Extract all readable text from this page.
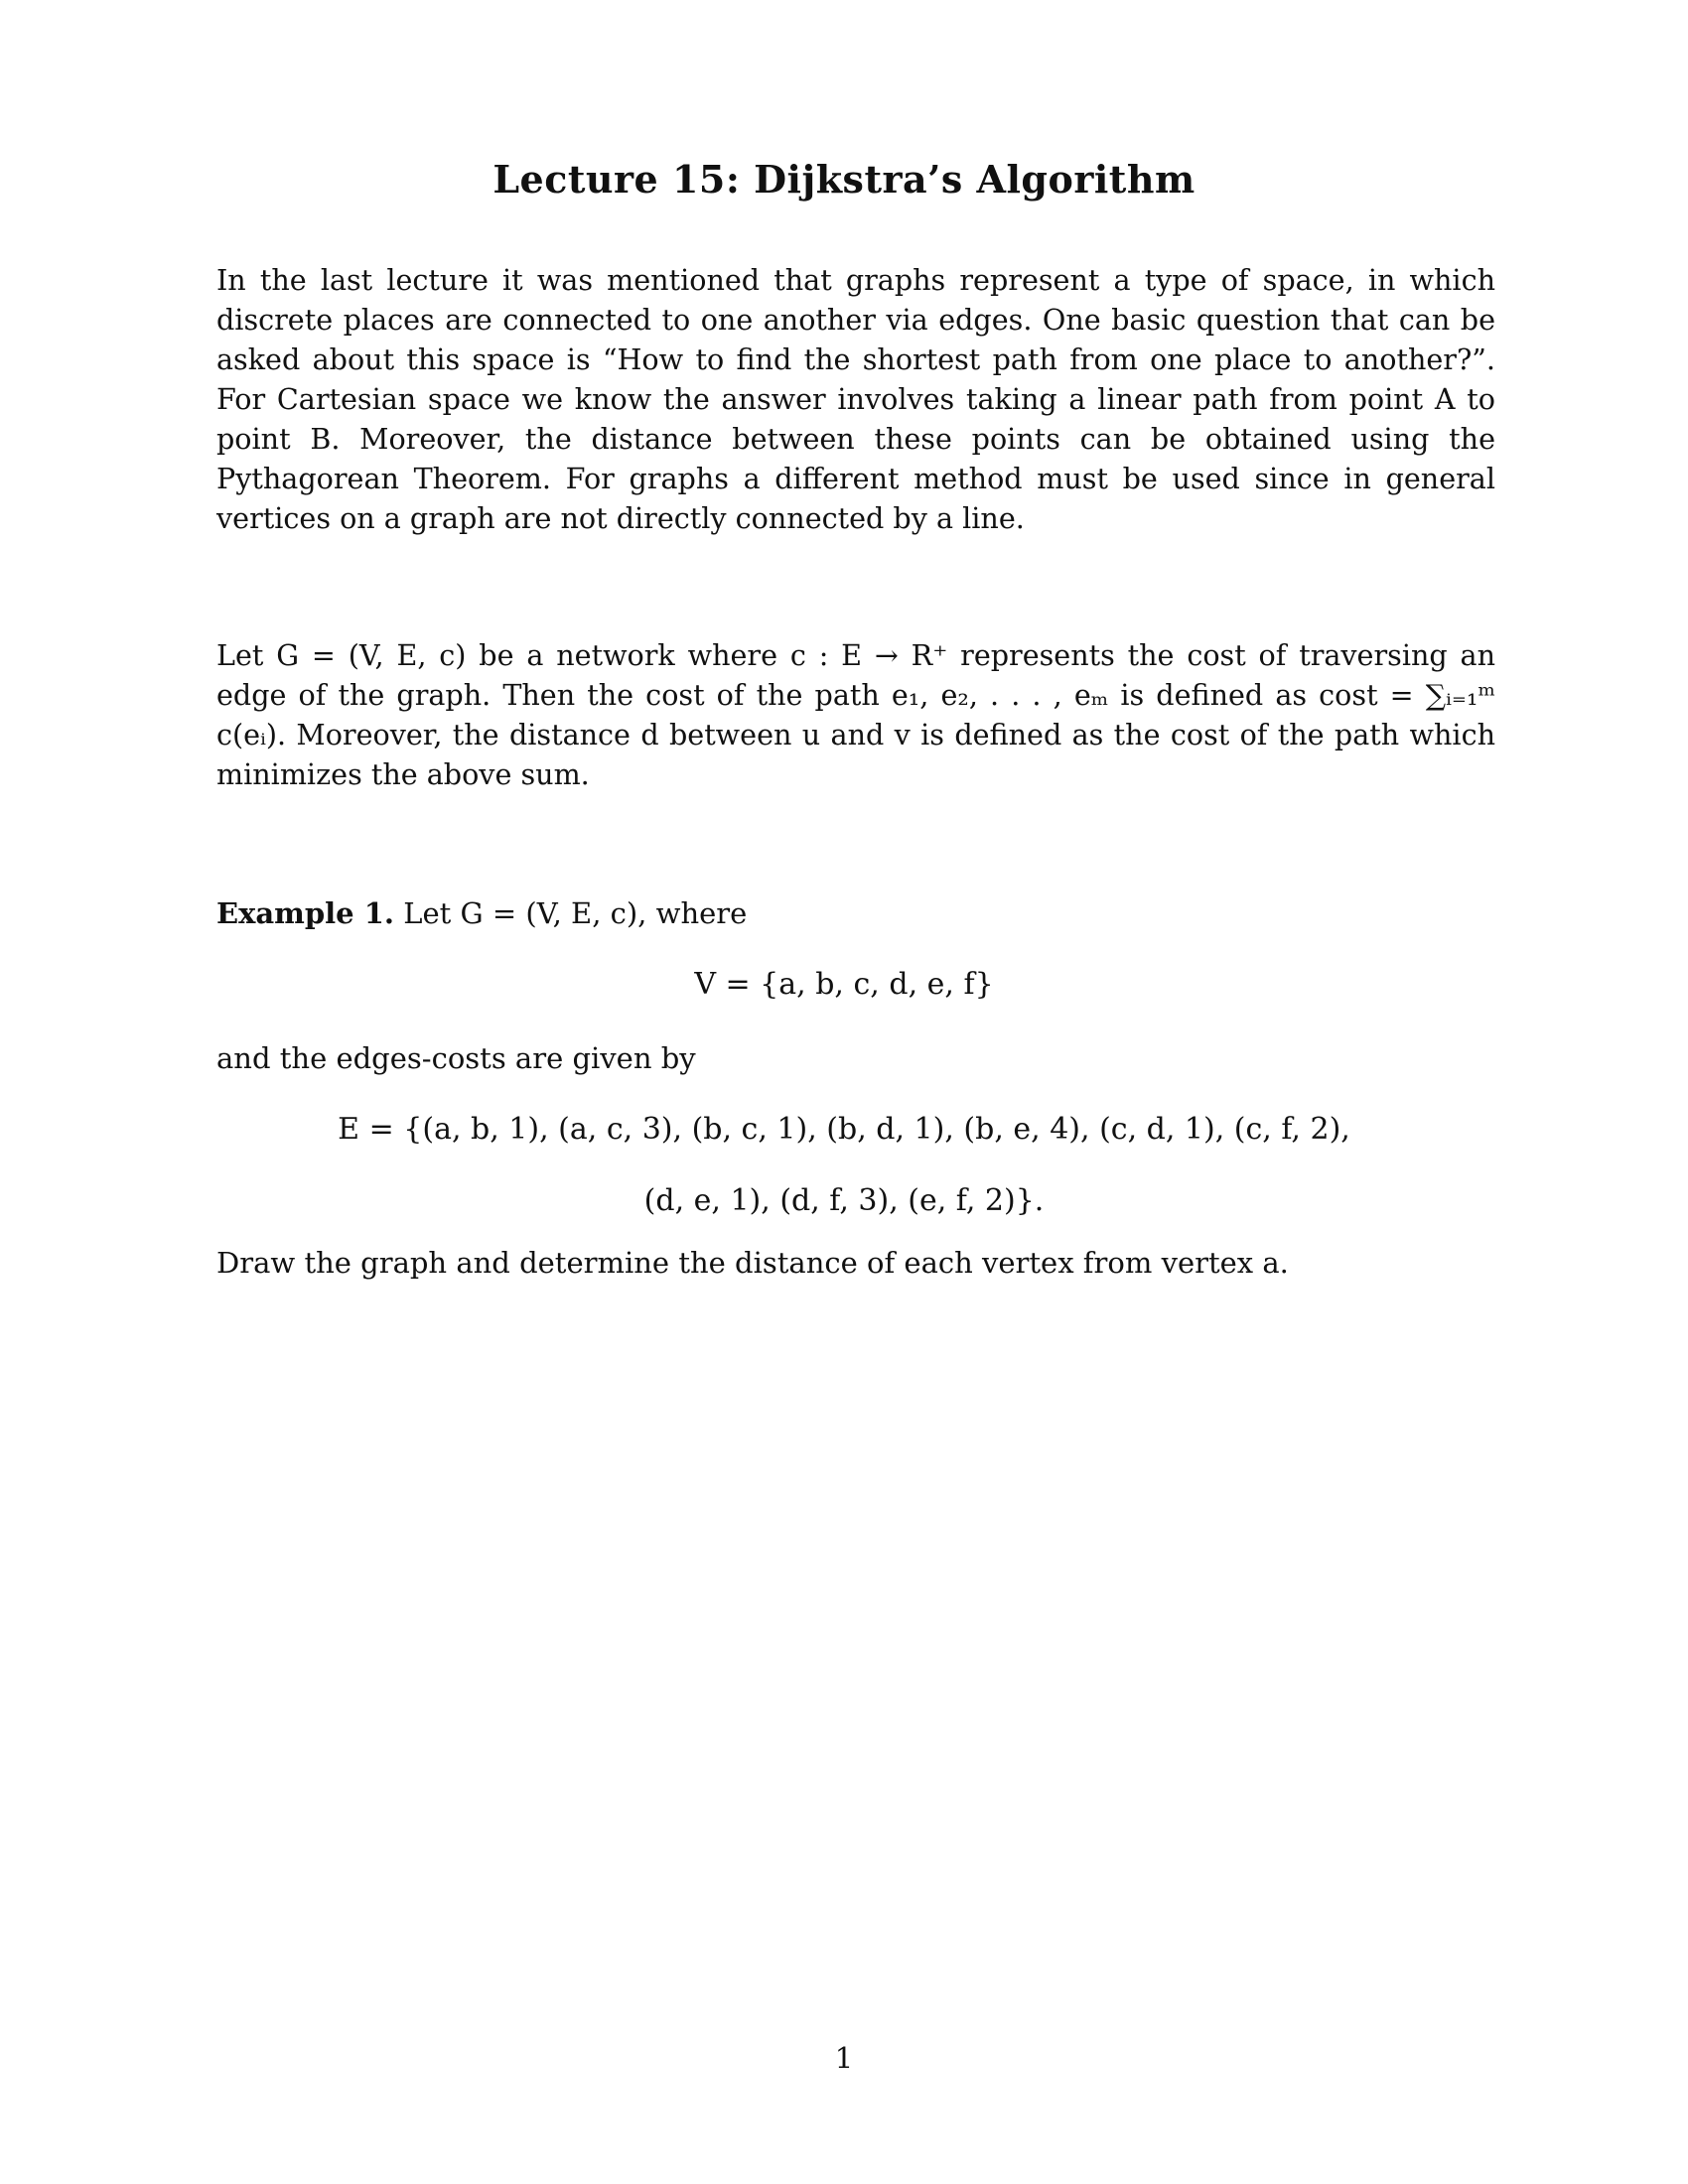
Lecture 15: Dijkstra’s Algorithm

In the last lecture it was mentioned that graphs represent a type of space, in which discrete places are connected to one another via edges. One basic question that can be asked about this space is “How to find the shortest path from one place to another?”. For Cartesian space we know the answer involves taking a linear path from point A to point B. Moreover, the distance between these points can be obtained using the Pythagorean Theorem. For graphs a different method must be used since in general vertices on a graph are not directly connected by a line.

Let G = (V, E, c) be a network where c : E → R⁺ represents the cost of traversing an edge of the graph. Then the cost of the path e₁, e₂, . . . , eₘ is defined as cost = ∑ᵢ₌₁ᵐ c(eᵢ). Moreover, the distance d between u and v is defined as the cost of the path which minimizes the above sum.

Example 1. Let G = (V, E, c), where
V = {a, b, c, d, e, f}
and the edges-costs are given by
E = {(a, b, 1), (a, c, 3), (b, c, 1), (b, d, 1), (b, e, 4), (c, d, 1), (c, f, 2),
(d, e, 1), (d, f, 3), (e, f, 2)}.
Draw the graph and determine the distance of each vertex from vertex a.
1
